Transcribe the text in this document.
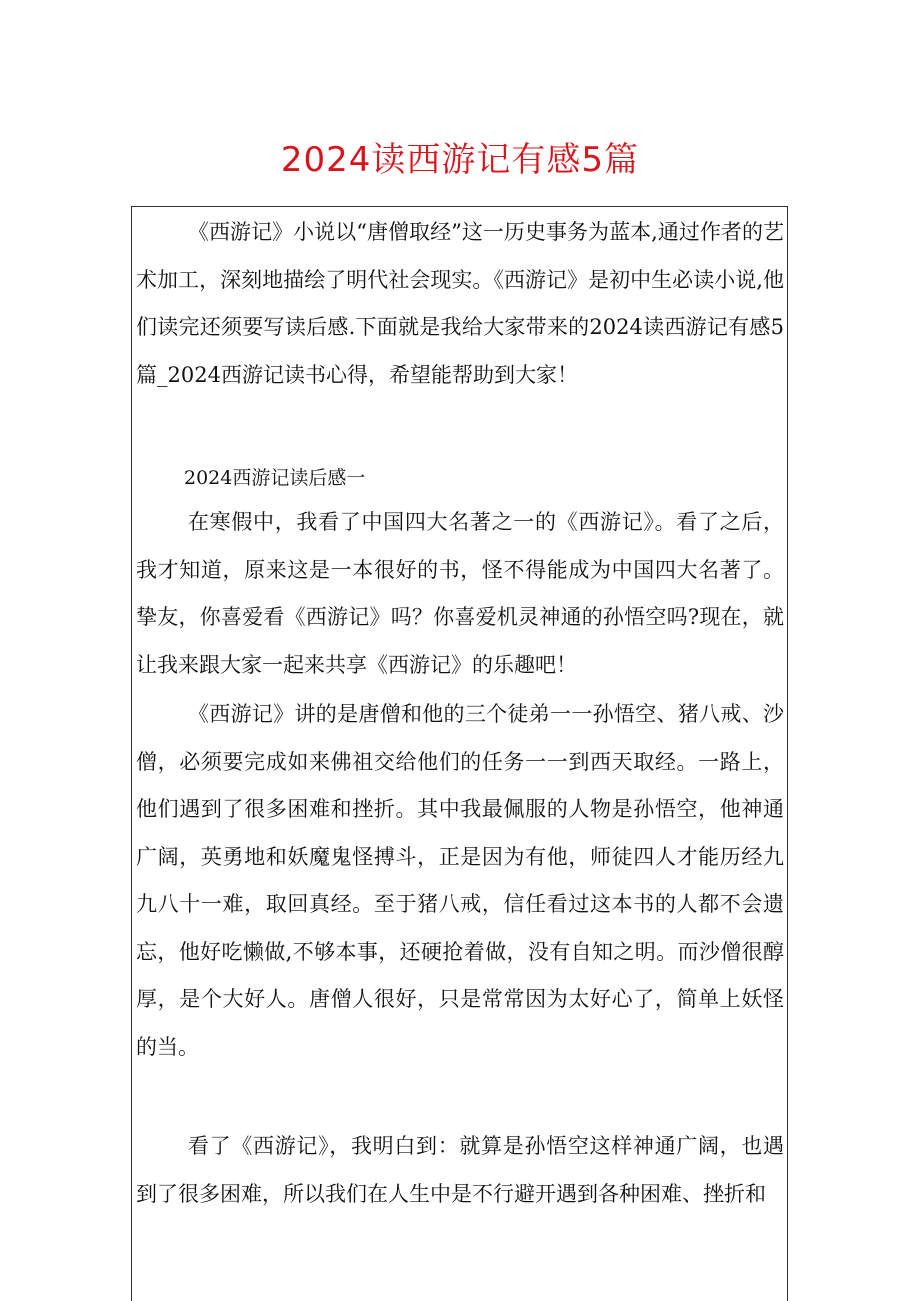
2024读西游记有感5篇

《西游记》小说以“唐僧取经”这一历史事务为蓝本,通过作者的艺术加工，深刻地描绘了明代社会现实。《西游记》是初中生必读小说,他们读完还须要写读后感.下面就是我给大家带来的2024读西游记有感5篇_2024西游记读书心得，希望能帮助到大家！

2024西游记读后感一

在寒假中，我看了中国四大名著之一的《西游记》。看了之后，我才知道，原来这是一本很好的书，怪不得能成为中国四大名著了。挚友，你喜爱看《西游记》吗？你喜爱机灵神通的孙悟空吗?现在，就让我来跟大家一起来共享《西游记》的乐趣吧！

《西游记》讲的是唐僧和他的三个徒弟一一孙悟空、猪八戒、沙僧，必须要完成如来佛祖交给他们的任务一一到西天取经。一路上，他们遇到了很多困难和挫折。其中我最佩服的人物是孙悟空，他神通广阔，英勇地和妖魔鬼怪搏斗，正是因为有他，师徒四人才能历经九九八十一难，取回真经。至于猪八戒，信任看过这本书的人都不会遗忘，他好吃懒做,不够本事，还硬抢着做，没有自知之明。而沙僧很醇厚，是个大好人。唐僧人很好，只是常常因为太好心了，简单上妖怪的当。

看了《西游记》，我明白到：就算是孙悟空这样神通广阔，也遇到了很多困难，所以我们在人生中是不行避开遇到各种困难、挫折和
